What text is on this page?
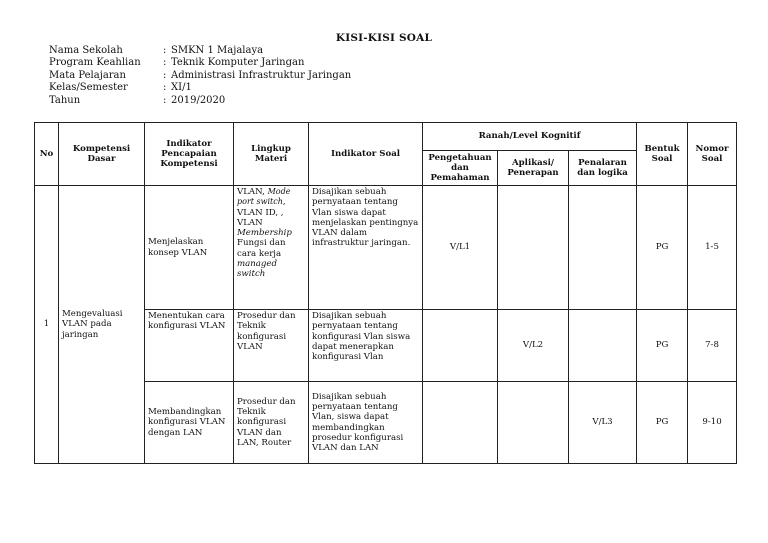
KISI-KISI SOAL
Nama Sekolah	: SMKN 1 Majalaya
Program Keahlian	: Teknik Komputer Jaringan
Mata Pelajaran	: Administrasi Infrastruktur Jaringan
Kelas/Semester	: XI/1
Tahun	: 2019/2020
No	Kompetensi Dasar	Indikator Pencapaian Kompetensi	Lingkup Materi	Indikator Soal	Ranah/Level Kognitif			Bentuk Soal	Nomor Soal
					Pengetahuan dan Pemahaman	Aplikasi/ Penerapan	Penalaran dan logika		
1	Mengevaluasi VLAN pada jaringan	Menjelaskan konsep VLAN	VLAN, Mode port switch, VLAN ID, , VLAN Membership Fungsi dan cara kerja managed switch	Disajikan sebuah pernyataan tentang Vlan siswa dapat menjelaskan pentingnya VLAN dalam infrastruktur jaringan.	V/L1			PG	1-5
		Menentukan cara konfigurasi VLAN	Prosedur dan Teknik konfigurasi VLAN	Disajikan sebuah pernyataan tentang konfigurasi Vlan siswa dapat menerapkan konfigurasi Vlan		V/L2		PG	7-8
		Membandingkan konfigurasi VLAN dengan LAN	Prosedur dan Teknik konfigurasi VLAN dan LAN, Router	Disajikan sebuah pernyataan tentang Vlan, siswa dapat membandingkan prosedur konfigurasi VLAN dan LAN			V/L3	PG	9-10
